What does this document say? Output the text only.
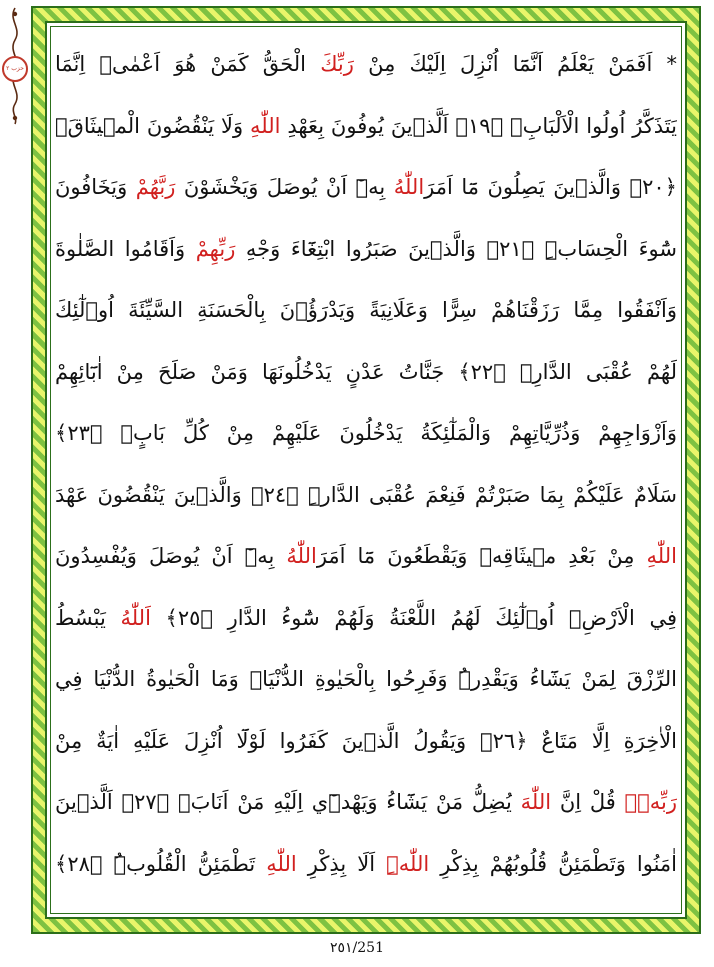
حزب ٢	* اَفَمَنْ يَعْلَمُ اَنَّمَٓا اُنْزِلَ اِلَيْكَ مِنْ رَبِّكَ الْحَقُّ كَمَنْ هُوَ اَعْمٰىۜ اِنَّمَا
يَتَذَكَّرُ اُولُوا الْاَلْبَابِۙ ﴿١٩﴾ اَلَّذٖينَ يُوفُونَ بِعَهْدِ اللّٰهِ وَلَا يَنْقُضُونَ الْمٖيثَاقَۙ
﴿٢٠﴾ وَالَّذٖينَ يَصِلُونَ مَٓا اَمَرَاللّٰهُ بِهٖٓ اَنْ يُوصَلَ وَيَخْشَوْنَ رَبَّهُمْ وَيَخَافُونَ
سُٓوءَ الْحِسَابِۜ ﴿٢١﴾ وَالَّذٖينَ صَبَرُوا ابْتِغَٓاءَ وَجْهِ رَبِّهِمْ وَاَقَامُوا الصَّلٰوةَ
وَاَنْفَقُوا مِمَّا رَزَقْنَاهُمْ سِرًّا وَعَلَانِيَةً وَيَدْرَؤُ۫نَ بِالْحَسَنَةِ السَّيِّئَةَ اُو۬لٰٓئِكَ
لَهُمْ عُقْبَى الدَّارِۙ ﴿٢٢﴾ جَنَّاتُ عَدْنٍ يَدْخُلُونَهَا وَمَنْ صَلَحَ مِنْ اٰبَٓائِهِمْ
وَاَزْوَاجِهِمْ وَذُرِّيَّاتِهِمْ وَالْمَلٰٓئِكَةُ يَدْخُلُونَ عَلَيْهِمْ مِنْ كُلِّ بَابٍۚ ﴿٢٣﴾
سَلَامٌ عَلَيْكُمْ بِمَا صَبَرْتُمْ فَنِعْمَ عُقْبَى الدَّارِۜ ﴿٢٤﴾ وَالَّذٖينَ يَنْقُضُونَ عَهْدَ
اللّٰهِ مِنْ بَعْدِ مٖيثَاقِهٖ وَيَقْطَعُونَ مَٓا اَمَرَاللّٰهُ بِهٖٓ اَنْ يُوصَلَ وَيُفْسِدُونَ
فِي الْاَرْضِۙ اُو۬لٰٓئِكَ لَهُمُ اللَّعْنَةُ وَلَهُمْ سُٓوءُ الدَّارِ ﴿٢٥﴾ اَللّٰهُ يَبْسُطُ
الرِّزْقَ لِمَنْ يَشَٓاءُ وَيَقْدِرُۜ وَفَرِحُوا بِالْحَيٰوةِ الدُّنْيَاۜ وَمَا الْحَيٰوةُ الدُّنْيَا فِي
الْاٰخِرَةِ اِلَّا مَتَاعٌ ﴿٢٦﴾ وَيَقُولُ الَّذٖينَ كَفَرُوا لَوْلَٓا اُنْزِلَ عَلَيْهِ اٰيَةٌ مِنْ
رَبِّهٖۜ قُلْ اِنَّ اللّٰهَ يُضِلُّ مَنْ يَشَٓاءُ وَيَهْدٖٓي اِلَيْهِ مَنْ اَنَابَۚ ﴿٢٧﴾ اَلَّذٖينَ
اٰمَنُوا وَتَطْمَئِنُّ قُلُوبُهُمْ بِذِكْرِ اللّٰهِۜ اَلَا بِذِكْرِ اللّٰهِ تَطْمَئِنُّ الْقُلُوبُۜ ﴿٢٨﴾
٢٥١/251
